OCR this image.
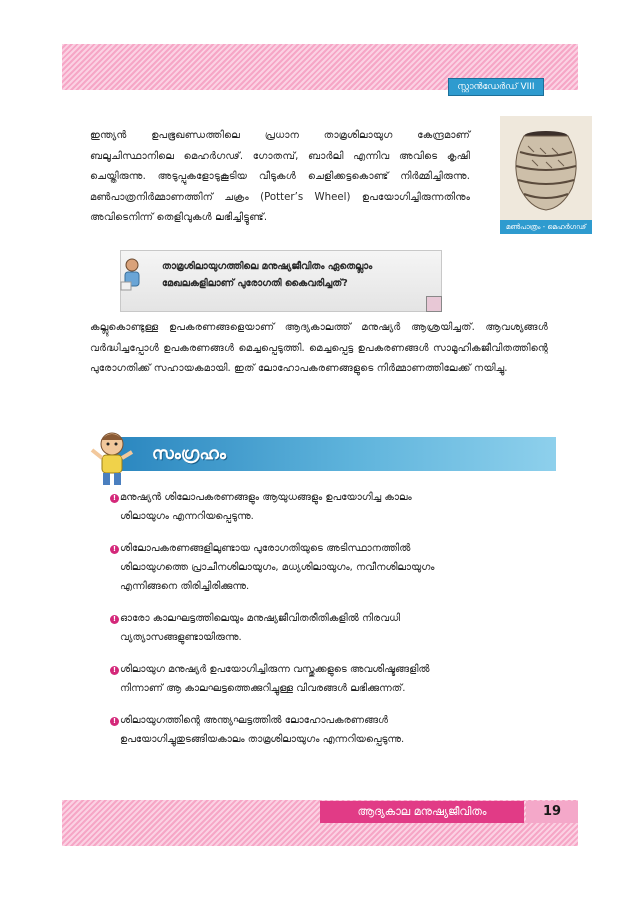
സ്റ്റാൻഡേർഡ് VIII

ഇന്ത്യൻ ഉപഭൂഖണ്ഡത്തിലെ പ്രധാന താമ്രശിലായുഗ കേന്ദ്രമാണ് ബലൂചിസ്ഥാനിലെ മെഹർഗഢ്. ഗോതമ്പ്, ബാർലി എന്നിവ അവിടെ കൃഷി ചെയ്തിരുന്നു. അടുപ്പുകളോടുകൂടിയ വീടുകൾ ചെളിക്കട്ടകൊണ്ട് നിർമ്മിച്ചിരുന്നു. മൺപാത്രനിർമ്മാണത്തിന് ചക്രം (Potter’s Wheel) ഉപയോഗിച്ചിരുന്നതിനും അവിടെനിന്ന് തെളിവുകൾ ലഭിച്ചിട്ടുണ്ട്.

മൺപാത്രം - മെഹർഗഢ്

താമ്രശിലായുഗത്തിലെ മനുഷ്യജീവിതം ഏതെല്ലാം മേഖലകളിലാണ് പുരോഗതി കൈവരിച്ചത്?

കല്ലുകൊണ്ടുള്ള ഉപകരണങ്ങളെയാണ് ആദ്യകാലത്ത് മനുഷ്യർ ആശ്രയിച്ചത്. ആവശ്യങ്ങൾ വർദ്ധിച്ചപ്പോൾ ഉപകരണങ്ങൾ മെച്ചപ്പെടുത്തി. മെച്ചപ്പെട്ട ഉപകരണങ്ങൾ സാമൂഹികജീവിതത്തിന്റെ പുരോഗതിക്ക് സഹായകമായി. ഇത് ലോഹോപകരണങ്ങളുടെ നിർമ്മാണത്തിലേക്ക് നയിച്ചു.

സംഗ്രഹം

! മനുഷ്യൻ ശിലോപകരണങ്ങളും ആയുധങ്ങളും ഉപയോഗിച്ച കാലം ശിലായുഗം എന്നറിയപ്പെടുന്നു.

! ശിലോപകരണങ്ങളിലുണ്ടായ പുരോഗതിയുടെ അടിസ്ഥാനത്തിൽ ശിലായുഗത്തെ പ്രാചീനശിലായുഗം, മധ്യശിലായുഗം, നവീനശിലായുഗം എന്നിങ്ങനെ തിരിച്ചിരിക്കുന്നു.

! ഓരോ കാലഘട്ടത്തിലെയും മനുഷ്യജീവിതരീതികളിൽ നിരവധി വ്യത്യാസങ്ങളുണ്ടായിരുന്നു.

! ശിലായുഗ മനുഷ്യർ ഉപയോഗിച്ചിരുന്ന വസ്തുക്കളുടെ അവശിഷ്ടങ്ങളിൽ നിന്നാണ് ആ കാലഘട്ടത്തെക്കുറിച്ചുള്ള വിവരങ്ങൾ ലഭിക്കുന്നത്.

! ശിലായുഗത്തിന്റെ അന്ത്യഘട്ടത്തിൽ ലോഹോപകരണങ്ങൾ ഉപയോഗിച്ചുതുടങ്ങിയകാലം താമ്രശിലായുഗം എന്നറിയപ്പെടുന്നു.

ആദ്യകാല മനുഷ്യജീവിതം	19
